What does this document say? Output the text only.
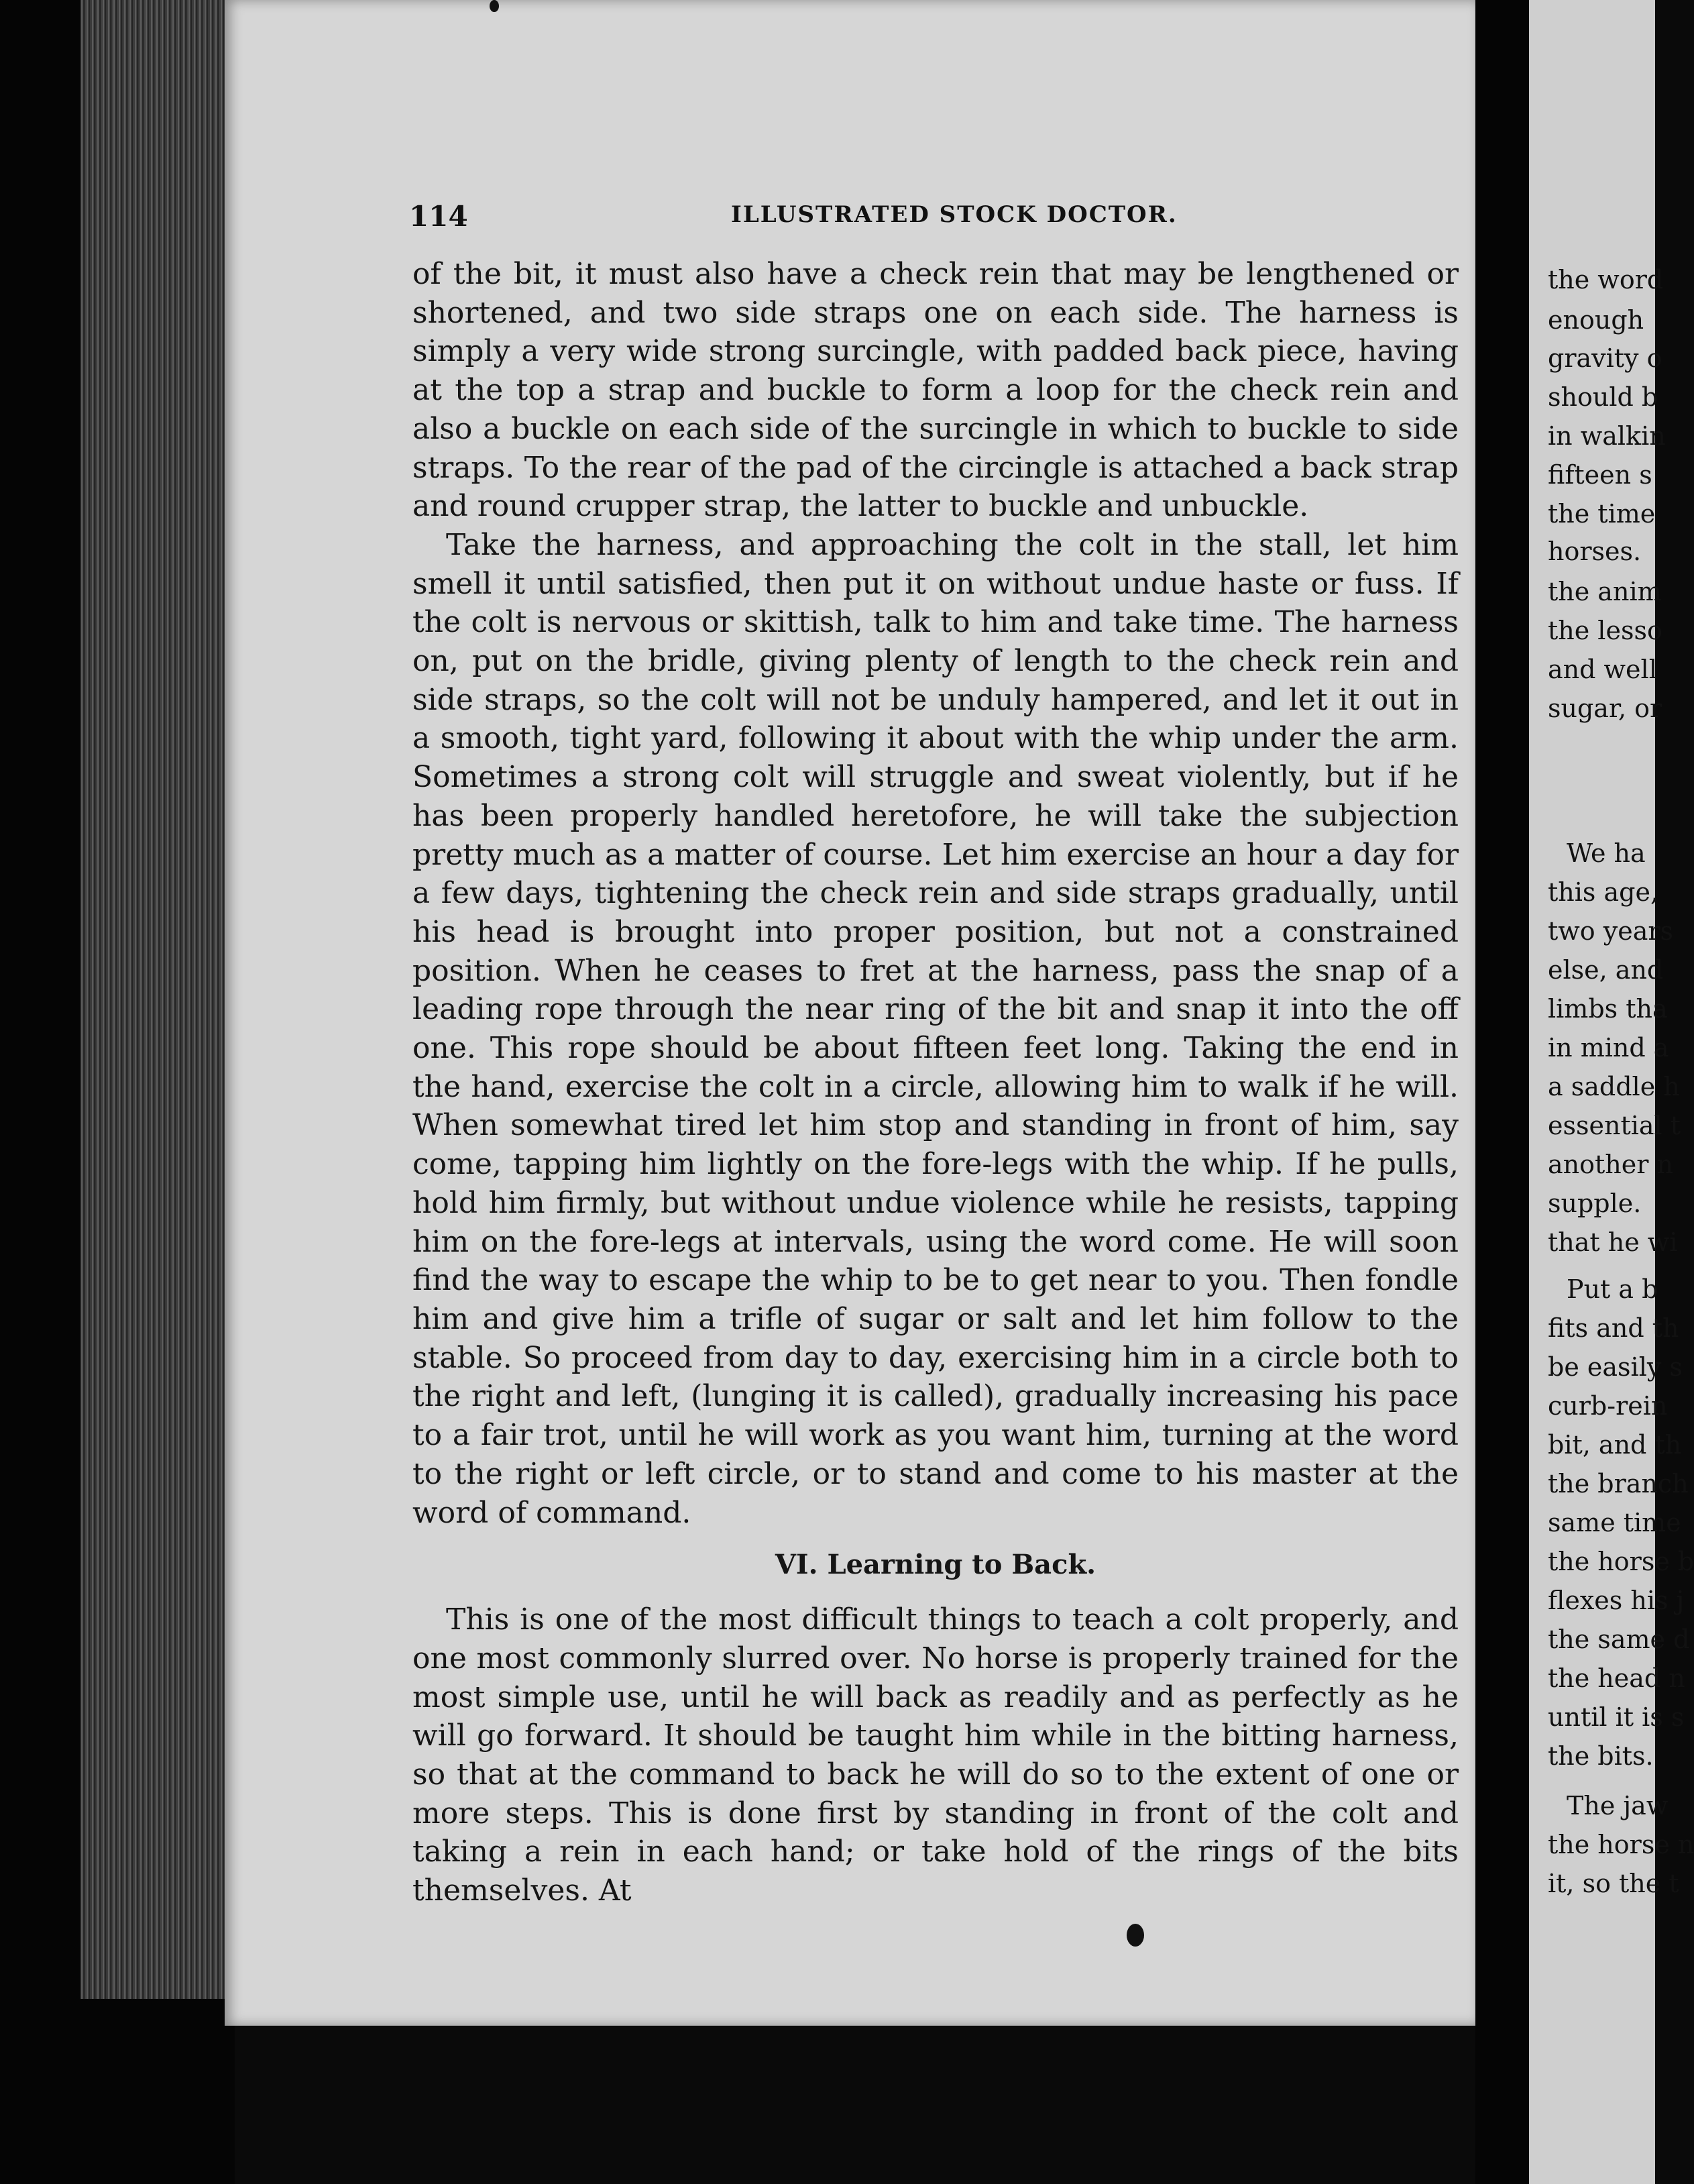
114	ILLUSTRATED STOCK DOCTOR.

of the bit, it must also have a check rein that may be lengthened or shortened, and two side straps one on each side. The harness is simply a very wide strong surcingle, with padded back piece, having at the top a strap and buckle to form a loop for the check rein and also a buckle on each side of the surcingle in which to buckle to side straps. To the rear of the pad of the circingle is attached a back strap and round crupper strap, the latter to buckle and unbuckle.

Take the harness, and approaching the colt in the stall, let him smell it until satisfied, then put it on without undue haste or fuss. If the colt is nervous or skittish, talk to him and take time. The harness on, put on the bridle, giving plenty of length to the check rein and side straps, so the colt will not be unduly hampered, and let it out in a smooth, tight yard, following it about with the whip under the arm. Sometimes a strong colt will struggle and sweat violently, but if he has been properly handled heretofore, he will take the subjection pretty much as a matter of course. Let him exercise an hour a day for a few days, tightening the check rein and side straps gradually, until his head is brought into proper position, but not a constrained position. When he ceases to fret at the harness, pass the snap of a leading rope through the near ring of the bit and snap it into the off one. This rope should be about fifteen feet long. Taking the end in the hand, exercise the colt in a circle, allowing him to walk if he will. When somewhat tired let him stop and standing in front of him, say come, tapping him lightly on the fore-legs with the whip. If he pulls, hold him firmly, but without undue violence while he resists, tapping him on the fore-legs at intervals, using the word come. He will soon find the way to escape the whip to be to get near to you. Then fondle him and give him a trifle of sugar or salt and let him follow to the stable. So proceed from day to day, exercising him in a circle both to the right and left, (lunging it is called), gradually increasing his pace to a fair trot, until he will work as you want him, turning at the word to the right or left circle, or to stand and come to his master at the word of command.

VI. Learning to Back.

This is one of the most difficult things to teach a colt properly, and one most commonly slurred over. No horse is properly trained for the most simple use, until he will back as readily and as perfectly as he will go forward. It should be taught him while in the bitting harness, so that at the command to back he will do so to the extent of one or more steps. This is done first by standing in front of the colt and taking a rein in each hand; or take hold of the rings of the bits themselves. At

the word
enough
gravity o
should b
in walkin
fifteen s
the time
horses.
the anim
the lesso
and well
sugar, or
We ha
this age,
two years
else, and
limbs tha
in mind a
a saddle h
essential t
another n
supple.
that he wi
Put a b
fits and th
be easily s
curb-rein
bit, and th
the branch
same time
the horse b
flexes his j
the same d
the head n
until it is s
the bits.
The jaw
the horse n
it, so the t
